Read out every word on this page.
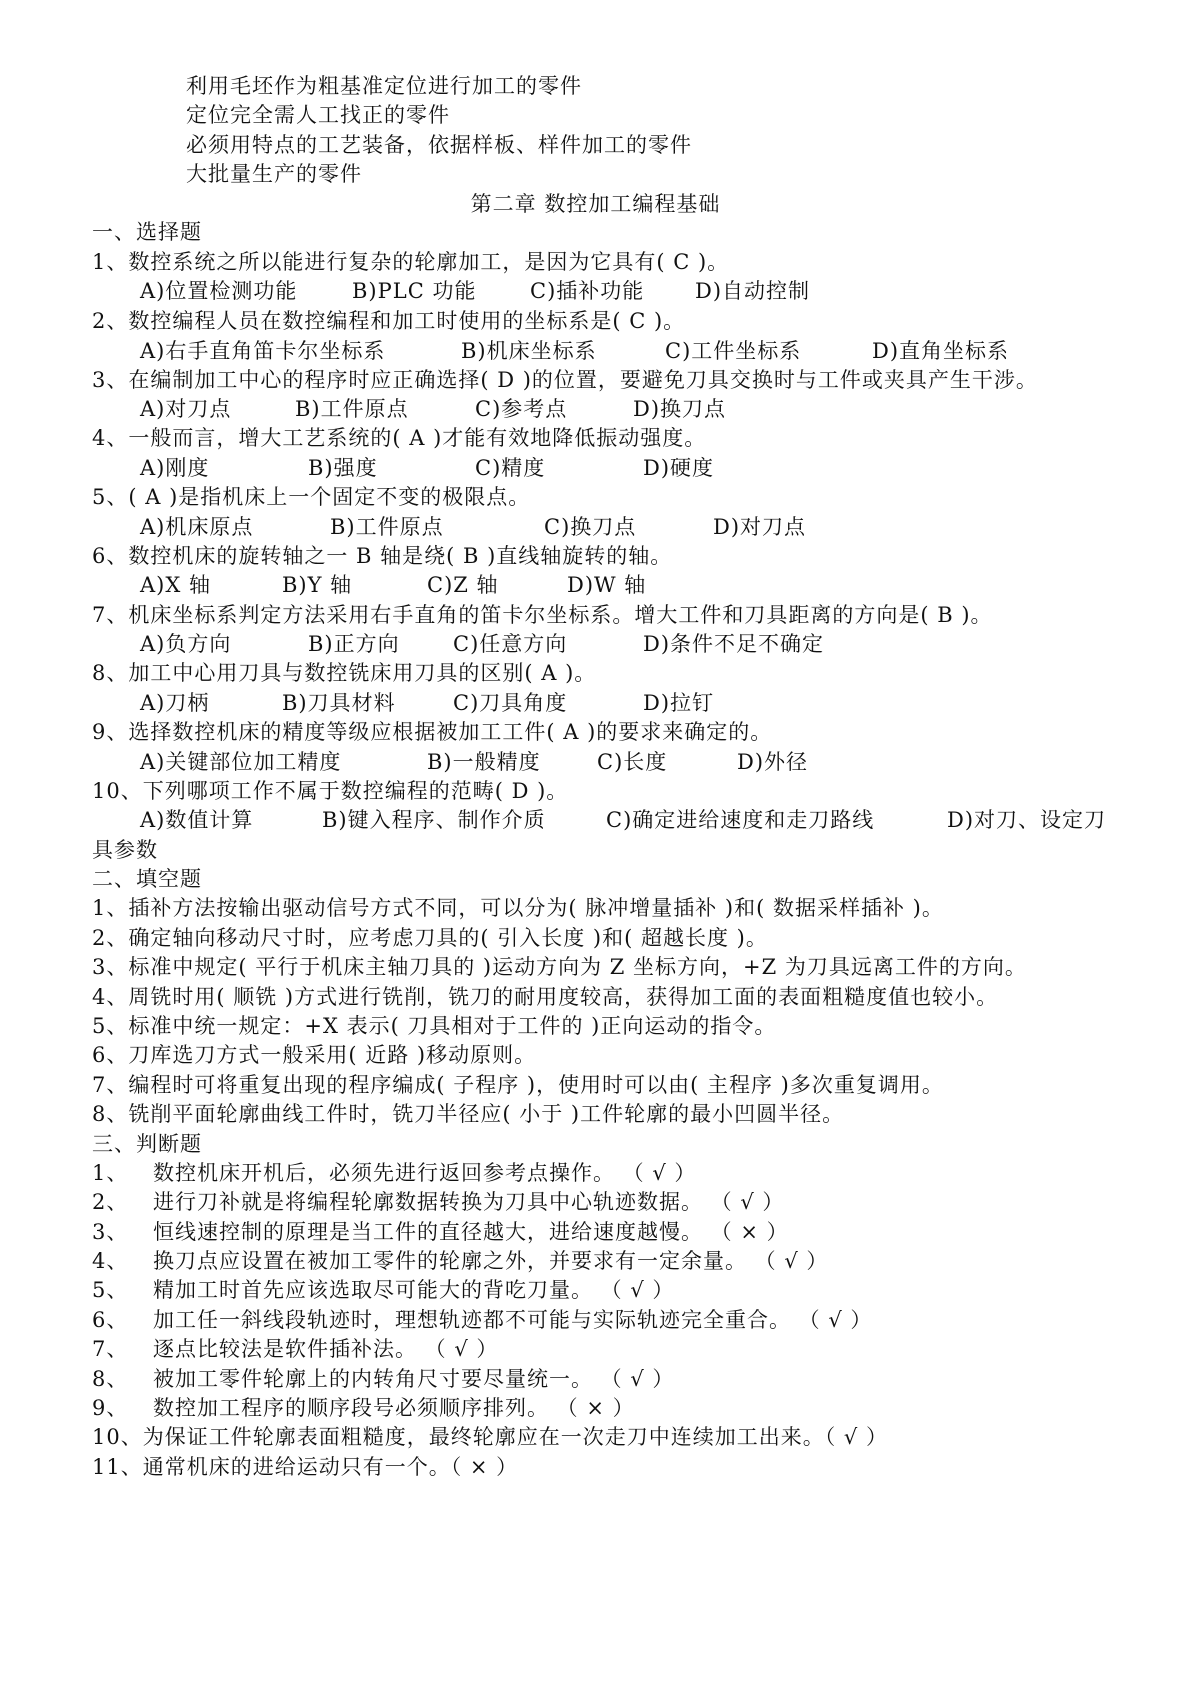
利用毛坯作为粗基准定位进行加工的零件
定位完全需人工找正的零件
必须用特点的工艺装备，依据样板、样件加工的零件
大批量生产的零件
第二章 数控加工编程基础
一、选择题
1、数控系统之所以能进行复杂的轮廓加工，是因为它具有( C )。
A)位置检测功能	B)PLC 功能	C)插补功能 D)自动控制
2、数控编程人员在数控编程和加工时使用的坐标系是( C )。
A)右手直角笛卡尔坐标系	B)机床坐标系	C)工件坐标系	D)直角坐标系
3、在编制加工中心的程序时应正确选择( D )的位置，要避免刀具交换时与工件或夹具产生干涉。
A)对刀点	B)工件原点	C)参考点	D)换刀点
4、一般而言，增大工艺系统的( A )才能有效地降低振动强度。
A)刚度	B)强度	C)精度	D)硬度
5、( A )是指机床上一个固定不变的极限点。
A)机床原点	B)工件原点	C)换刀点	D)对刀点
6、数控机床的旋转轴之一 B 轴是绕( B )直线轴旋转的轴。
A)X 轴	B)Y 轴	C)Z 轴	D)W 轴
7、机床坐标系判定方法采用右手直角的笛卡尔坐标系。增大工件和刀具距离的方向是( B )。
A)负方向	B)正方向	C)任意方向	D)条件不足不确定
8、加工中心用刀具与数控铣床用刀具的区别( A )。
A)刀柄	B)刀具材料	C)刀具角度	D)拉钉
9、选择数控机床的精度等级应根据被加工工件( A )的要求来确定的。
A)关键部位加工精度	B)一般精度	C)长度	D)外径
10、下列哪项工作不属于数控编程的范畴( D )。
A)数值计算	B)键入程序、制作介质	C)确定进给速度和走刀路线	D)对刀、设定刀
具参数
二、填空题
1、插补方法按输出驱动信号方式不同，可以分为( 脉冲增量插补 )和( 数据采样插补 )。
2、确定轴向移动尺寸时，应考虑刀具的( 引入长度 )和( 超越长度 )。
3、标准中规定( 平行于机床主轴刀具的 )运动方向为 Z 坐标方向，+Z 为刀具远离工件的方向。
4、周铣时用( 顺铣 )方式进行铣削，铣刀的耐用度较高，获得加工面的表面粗糙度值也较小。
5、标准中统一规定：+X 表示( 刀具相对于工件的 )正向运动的指令。
6、刀库选刀方式一般采用( 近路 )移动原则。
7、编程时可将重复出现的程序编成( 子程序 )，使用时可以由( 主程序 )多次重复调用。
8、铣削平面轮廓曲线工件时，铣刀半径应( 小于 )工件轮廓的最小凹圆半径。
三、判断题
1、 数控机床开机后，必须先进行返回参考点操作。 （ √ ）
2、 进行刀补就是将编程轮廓数据转换为刀具中心轨迹数据。 （ √ ）
3、 恒线速控制的原理是当工件的直径越大，进给速度越慢。 （ × ）
4、 换刀点应设置在被加工零件的轮廓之外，并要求有一定余量。 （ √ ）
5、 精加工时首先应该选取尽可能大的背吃刀量。 （ √ ）
6、 加工任一斜线段轨迹时，理想轨迹都不可能与实际轨迹完全重合。 （ √ ）
7、 逐点比较法是软件插补法。 （ √ ）
8、 被加工零件轮廓上的内转角尺寸要尽量统一。 （ √ ）
9、 数控加工程序的顺序段号必须顺序排列。 （ × ）
10、为保证工件轮廓表面粗糙度，最终轮廓应在一次走刀中连续加工出来。（ √ ）
11、通常机床的进给运动只有一个。（ × ）
